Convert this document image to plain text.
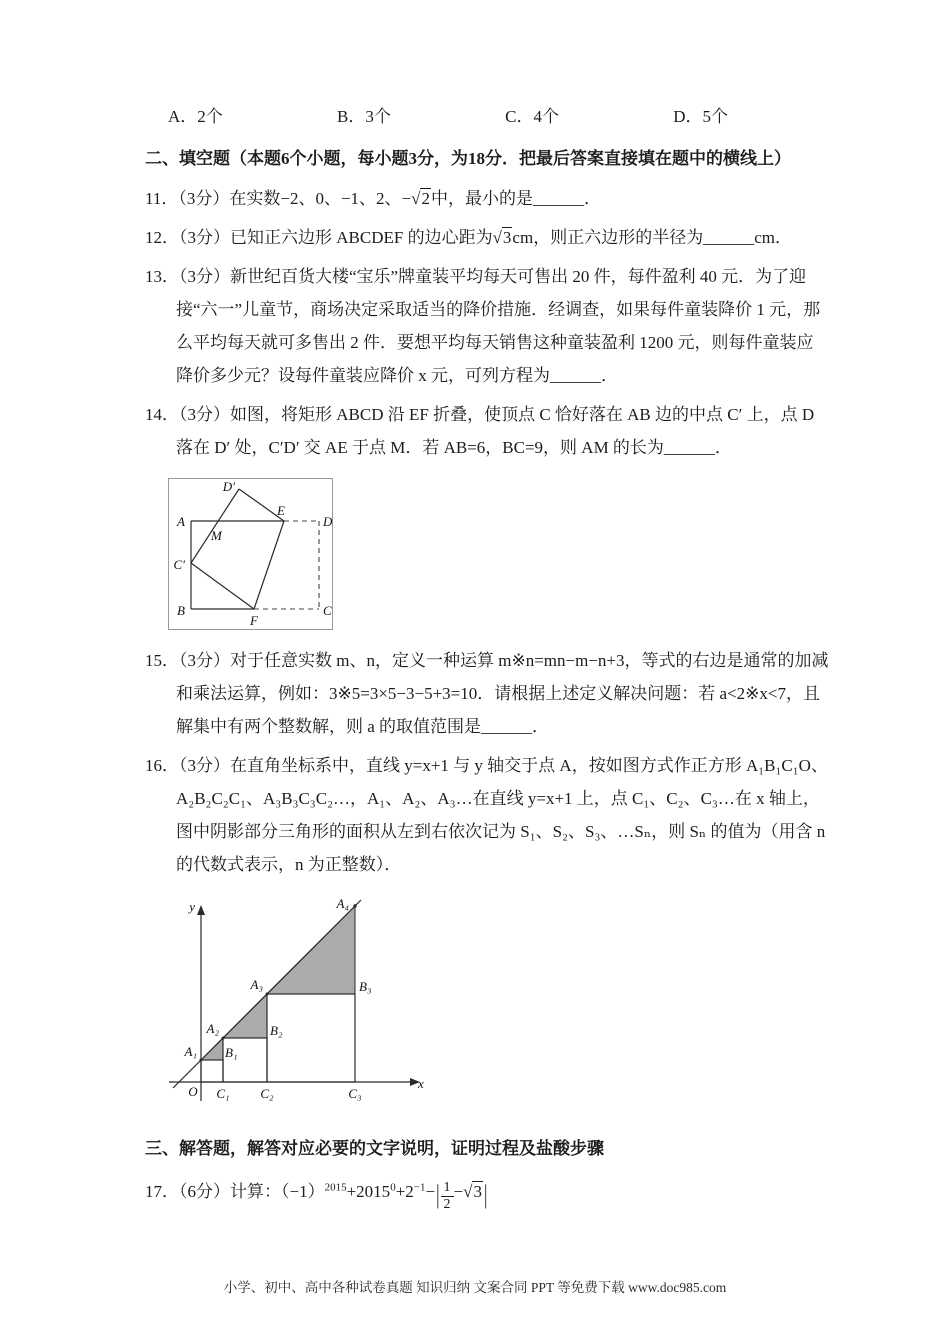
A．2个	B．3个	C．4个	D．5个
二、填空题（本题6个小题，每小题3分，为18分．把最后答案直接填在题中的横线上）
11．（3分）在实数−2、0、−1、2、−√2中，最小的是______．
12．（3分）已知正六边形 ABCDEF 的边心距为√3cm，则正六边形的半径为______cm．
13．（3分）新世纪百货大楼“宝乐”牌童装平均每天可售出 20 件，每件盈利 40 元．为了迎接“六一”儿童节，商场决定采取适当的降价措施．经调查，如果每件童装降价 1 元，那么平均每天就可多售出 2 件．要想平均每天销售这种童装盈利 1200 元，则每件童装应降价多少元？设每件童装应降价 x 元，可列方程为______．
14．（3分）如图，将矩形 ABCD 沿 EF 折叠，使顶点 C 恰好落在 AB 边的中点 C′ 上，点 D 落在 D′ 处，C′D′ 交 AE 于点 M．若 AB=6，BC=9，则 AM 的长为______．
D′
A
E
D
M
C′
B
F
C
15．（3分）对于任意实数 m、n，定义一种运算 m※n=mn−m−n+3，等式的右边是通常的加减和乘法运算，例如：3※5=3×5−3−5+3=10．请根据上述定义解决问题：若 a<2※x<7，且解集中有两个整数解，则 a 的取值范围是______．
16．（3分）在直角坐标系中，直线 y=x+1 与 y 轴交于点 A，按如图方式作正方形 A₁B₁C₁O、A₂B₂C₂C₁、A₃B₃C₃C₂…，A₁、A₂、A₃…在直线 y=x+1 上，点 C₁、C₂、C₃…在 x 轴上，图中阴影部分三角形的面积从左到右依次记为 S₁、S₂、S₃、…Sₙ，则 Sₙ 的值为（用含 n 的代数式表示，n 为正整数）．
y
x
O C₁ C₂	C₃
A₁ B₁
A₂	B₂
A₃	B₃
A₄
三、解答题，解答对应必要的文字说明，证明过程及盐酸步骤
17．（6分）计算：$(-1)^{2015}+2015^0+2^{-1}-| \frac{1}{2} -√3$ |
小学、初中、高中各种试卷真题 知识归纳 文案合同 PPT 等免费下载 www.doc985.com
